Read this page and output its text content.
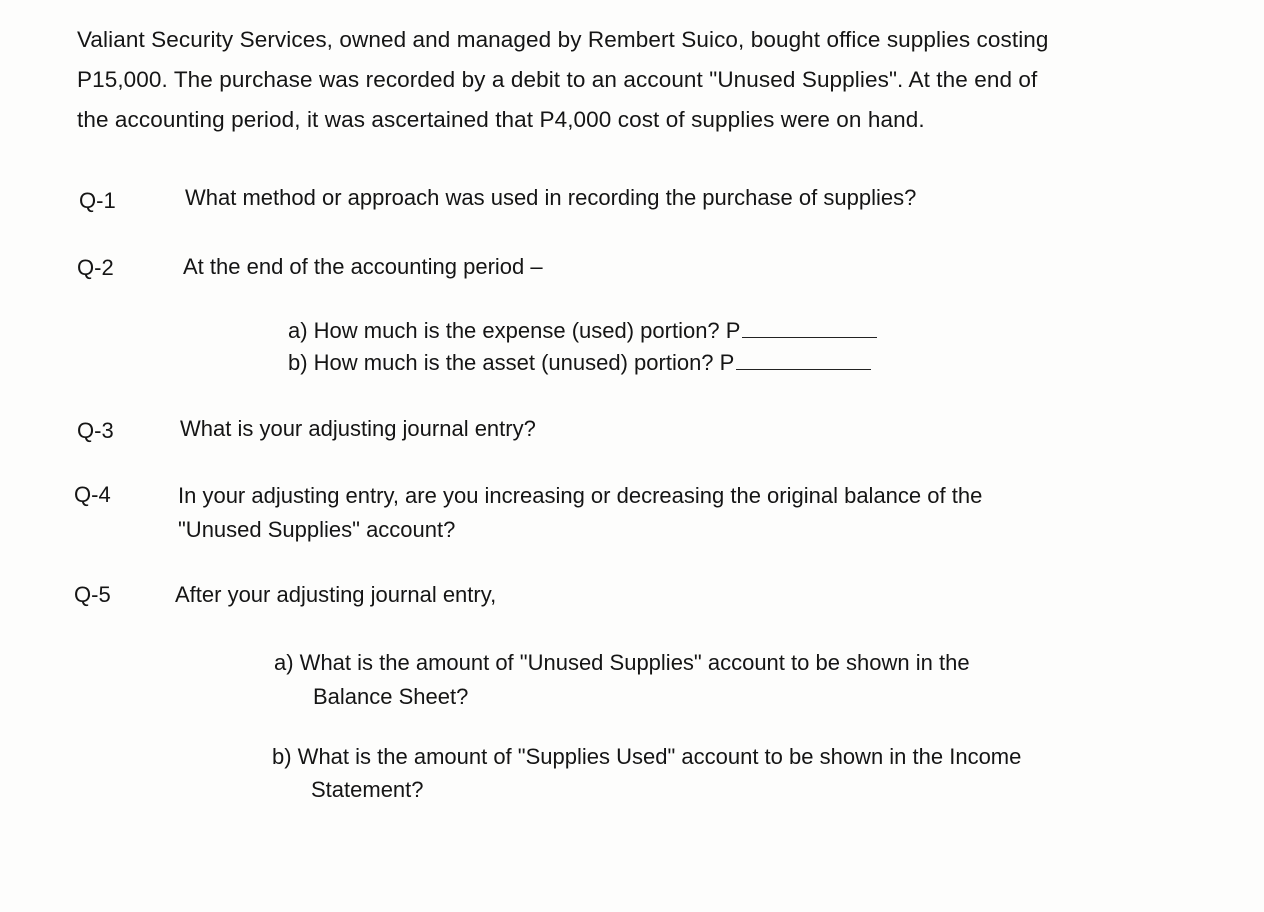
Valiant Security Services, owned and managed by Rembert Suico, bought office supplies costing
P15,000. The purchase was recorded by a debit to an account "Unused Supplies". At the end of
the accounting period, it was ascertained that P4,000 cost of supplies were on hand.
Q-1	What method or approach was used in recording the purchase of supplies?
Q-2	At the end of the accounting period –
a) How much is the expense (used) portion? P
b) How much is the asset (unused) portion? P
Q-3	What is your adjusting journal entry?
Q-4	In your adjusting entry, are you increasing or decreasing the original balance of the
"Unused Supplies" account?
Q-5	After your adjusting journal entry,
a) What is the amount of "Unused Supplies" account to be shown in the
Balance Sheet?
b) What is the amount of "Supplies Used" account to be shown in the Income
Statement?
